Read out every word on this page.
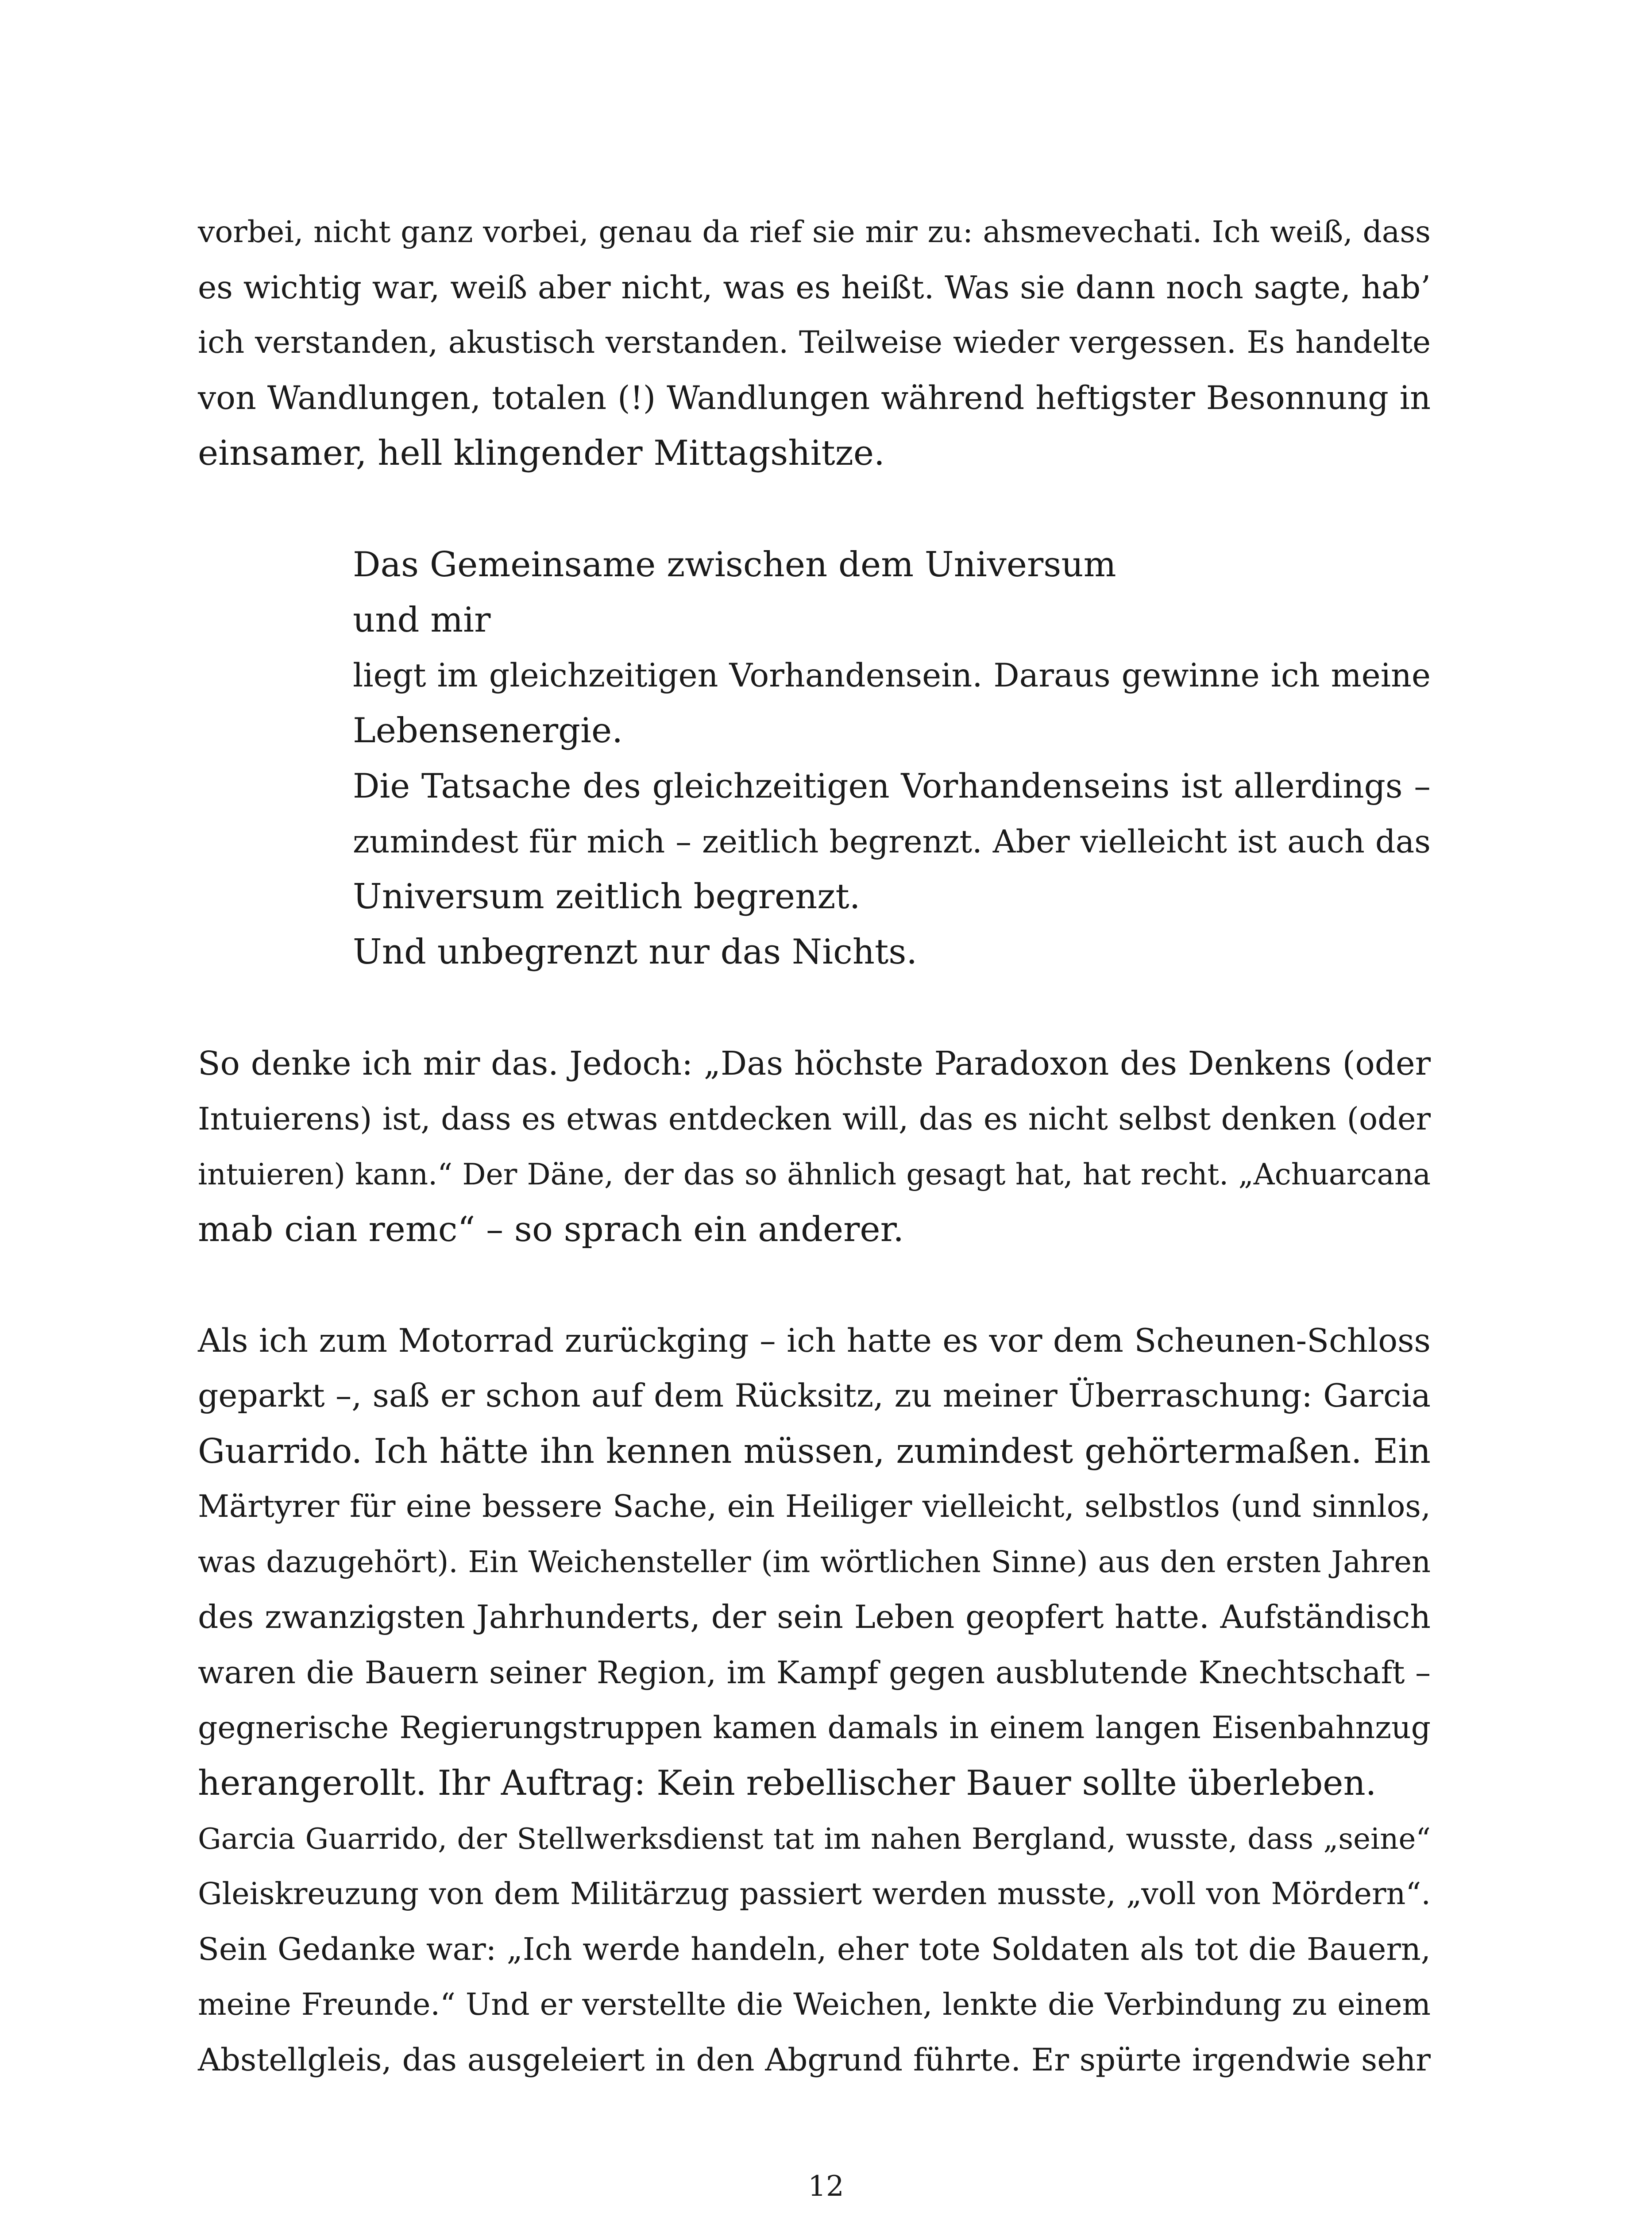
vorbei, nicht ganz vorbei, genau da rief sie mir zu: ahsmevechati. Ich weiß, dass
es wichtig war, weiß aber nicht, was es heißt. Was sie dann noch sagte, hab’
ich verstanden, akustisch verstanden. Teilweise wieder vergessen. Es handelte
von Wandlungen, totalen (!) Wandlungen während heftigster Besonnung in
einsamer, hell klingender Mittagshitze.
Das Gemeinsame zwischen dem Universum
und mir
liegt im gleichzeitigen Vorhandensein. Daraus gewinne ich meine
Lebensenergie.
Die Tatsache des gleichzeitigen Vorhandenseins ist allerdings –
zumindest für mich – zeitlich begrenzt. Aber vielleicht ist auch das
Universum zeitlich begrenzt.
Und unbegrenzt nur das Nichts.
So denke ich mir das. Jedoch: „Das höchste Paradoxon des Denkens (oder
Intuierens) ist, dass es etwas entdecken will, das es nicht selbst denken (oder
intuieren) kann.“ Der Däne, der das so ähnlich gesagt hat, hat recht. „Achuarcana
mab cian remc“ – so sprach ein anderer.
Als ich zum Motorrad zurückging – ich hatte es vor dem Scheunen-Schloss
geparkt –, saß er schon auf dem Rücksitz, zu meiner Überraschung: Garcia
Guarrido. Ich hätte ihn kennen müssen, zumindest gehörtermaßen. Ein
Märtyrer für eine bessere Sache, ein Heiliger vielleicht, selbstlos (und sinnlos,
was dazugehört). Ein Weichensteller (im wörtlichen Sinne) aus den ersten Jahren
des zwanzigsten Jahrhunderts, der sein Leben geopfert hatte. Aufständisch
waren die Bauern seiner Region, im Kampf gegen ausblutende Knechtschaft –
gegnerische Regierungstruppen kamen damals in einem langen Eisenbahnzug
herangerollt. Ihr Auftrag: Kein rebellischer Bauer sollte überleben.
Garcia Guarrido, der Stellwerksdienst tat im nahen Bergland, wusste, dass „seine“
Gleiskreuzung von dem Militärzug passiert werden musste, „voll von Mördern“.
Sein Gedanke war: „Ich werde handeln, eher tote Soldaten als tot die Bauern,
meine Freunde.“ Und er verstellte die Weichen, lenkte die Verbindung zu einem
Abstellgleis, das ausgeleiert in den Abgrund führte. Er spürte irgendwie sehr
12
